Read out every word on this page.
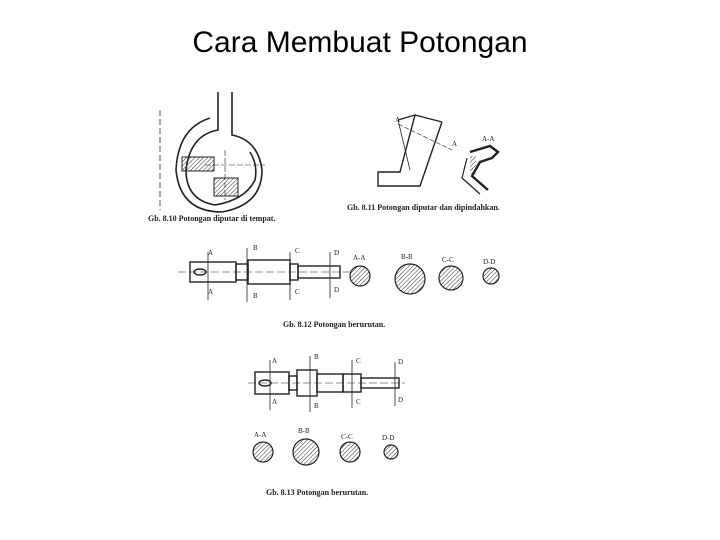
Cara Membuat Potongan
Gb. 8.10 Potongan diputar di tempat.
A
A
A-A
Gb. 8.11 Potongan diputar dan dipindahkan.
A
B	C	D
A	B	C	D
A-A	B-B	C-C	D-D
Gb. 8.12 Potongan berurutan.
A	B	C	D
A	B	C	D
A-A	B-B
C-C	D-D
Gb. 8.13 Potongan berurutan.
